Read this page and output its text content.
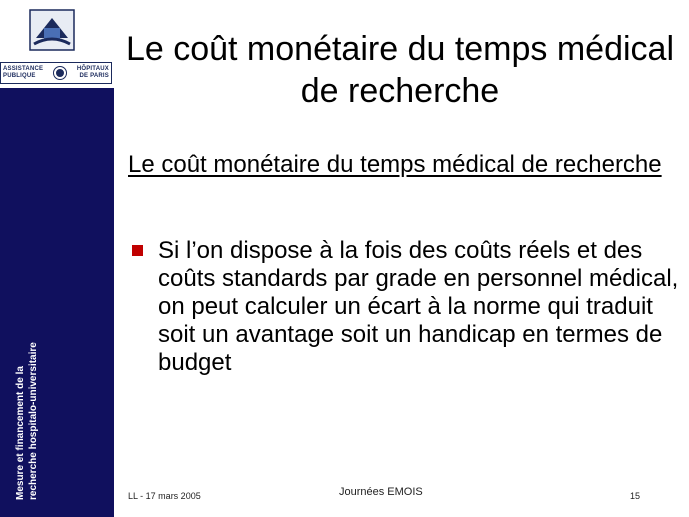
ASSISTANCE
PUBLIQUE
HÔPITAUX
DE PARIS
Mesure et financement de la recherche hospitalo-universitaire
Le coût monétaire du temps médical de recherche
Le coût monétaire du temps médical de recherche
Si l’on dispose à la fois des coûts réels et des coûts standards par grade en personnel médical, on peut calculer un écart à la norme qui traduit soit un avantage soit un handicap en termes de budget
LL - 17 mars 2005	Journées EMOIS	15
